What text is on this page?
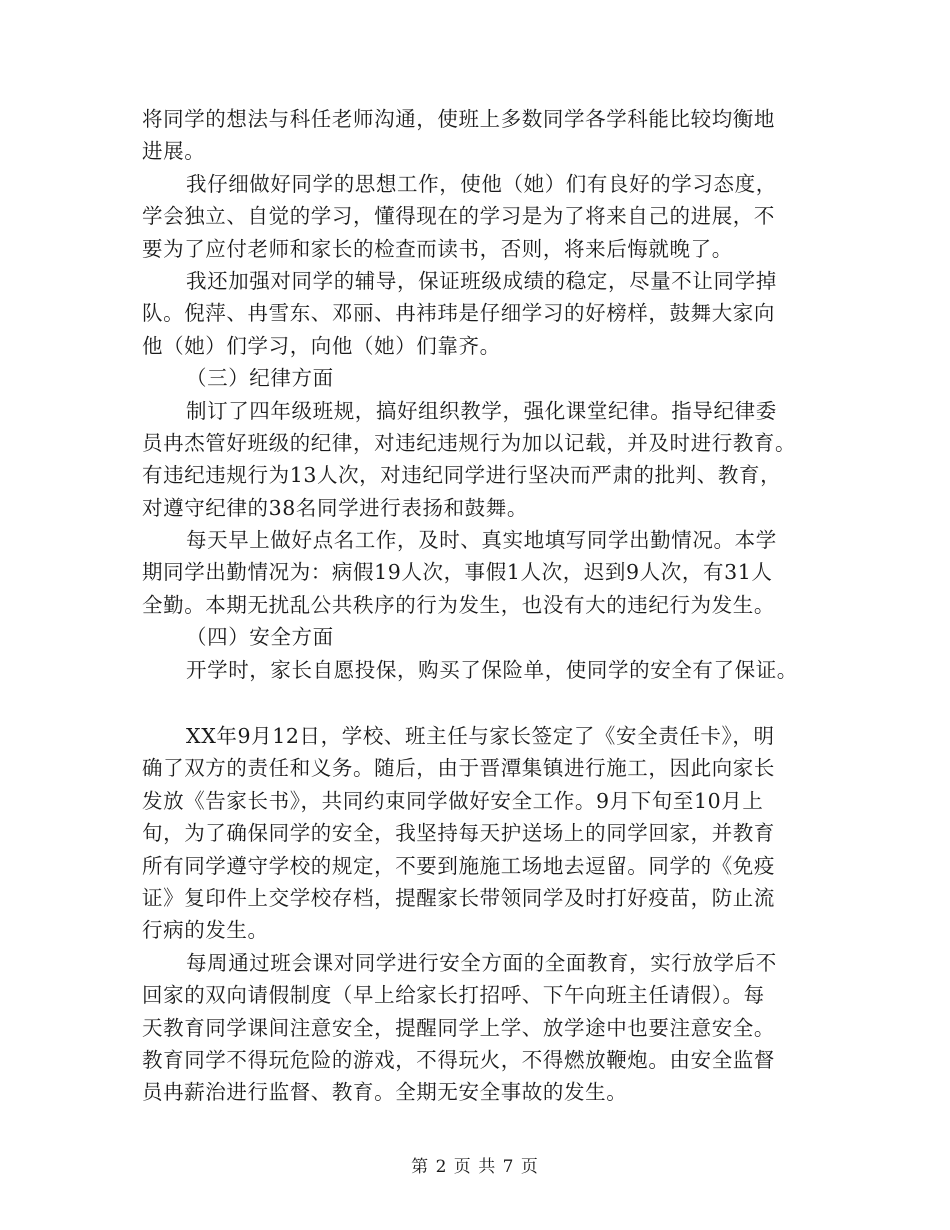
将同学的想法与科任老师沟通，使班上多数同学各学科能比较均衡地
进展。
我仔细做好同学的思想工作，使他（她）们有良好的学习态度，
学会独立、自觉的学习，懂得现在的学习是为了将来自己的进展，不
要为了应付老师和家长的检查而读书，否则，将来后悔就晚了。
我还加强对同学的辅导，保证班级成绩的稳定，尽量不让同学掉
队。倪萍、冉雪东、邓丽、冉袆玮是仔细学习的好榜样，鼓舞大家向
他（她）们学习，向他（她）们靠齐。
（三）纪律方面
制订了四年级班规，搞好组织教学，强化课堂纪律。指导纪律委
员冉杰管好班级的纪律，对违纪违规行为加以记载，并及时进行教育。
有违纪违规行为13人次，对违纪同学进行坚决而严肃的批判、教育，
对遵守纪律的38名同学进行表扬和鼓舞。
每天早上做好点名工作，及时、真实地填写同学出勤情况。本学
期同学出勤情况为：病假19人次，事假1人次，迟到9人次，有31人
全勤。本期无扰乱公共秩序的行为发生，也没有大的违纪行为发生。
（四）安全方面
开学时，家长自愿投保，购买了保险单，使同学的安全有了保证。
XX年9月12日，学校、班主任与家长签定了《安全责任卡》，明
确了双方的责任和义务。随后，由于晋潭集镇进行施工，因此向家长
发放《告家长书》，共同约束同学做好安全工作。9月下旬至10月上
旬，为了确保同学的安全，我坚持每天护送场上的同学回家，并教育
所有同学遵守学校的规定，不要到施施工场地去逗留。同学的《免疫
证》复印件上交学校存档，提醒家长带领同学及时打好疫苗，防止流
行病的发生。
每周通过班会课对同学进行安全方面的全面教育，实行放学后不
回家的双向请假制度（早上给家长打招呼、下午向班主任请假）。每
天教育同学课间注意安全，提醒同学上学、放学途中也要注意安全。
教育同学不得玩危险的游戏，不得玩火，不得燃放鞭炮。由安全监督
员冉薪治进行监督、教育。全期无安全事故的发生。
第 2 页 共 7 页
